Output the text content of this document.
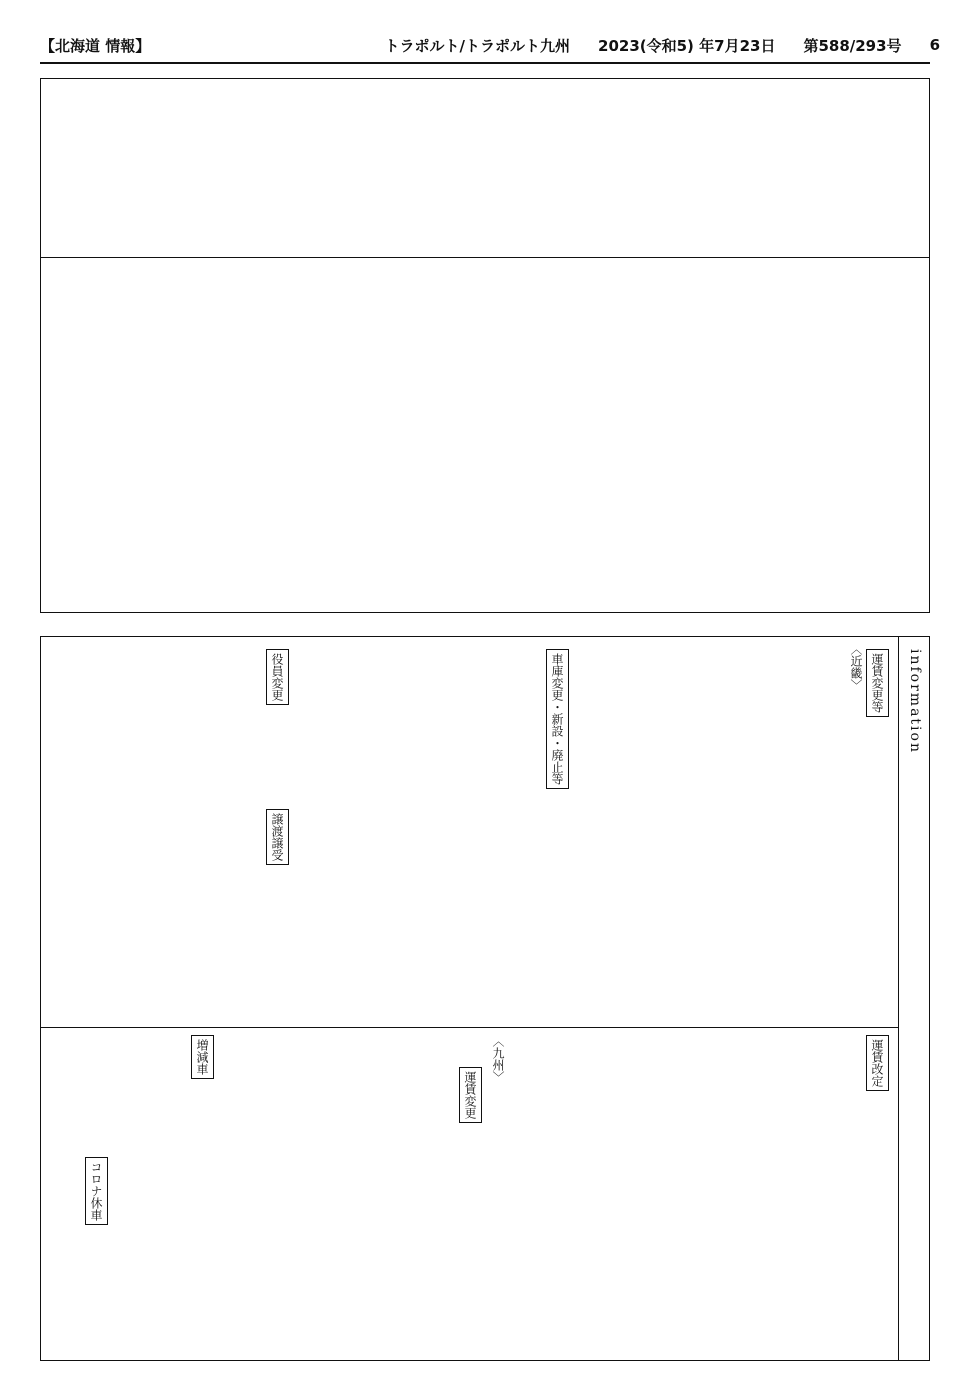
【北海道 情報】	トラポルト/トラポルト九州 2023(令和5) 年7月23日 第588/293号 6
information
〈近畿〉
〈九州〉
運賃変更等
車庫変更・新設・廃止等
役員変更
譲渡譲受
増減車
コロナ休車
運賃改定
運賃変更
